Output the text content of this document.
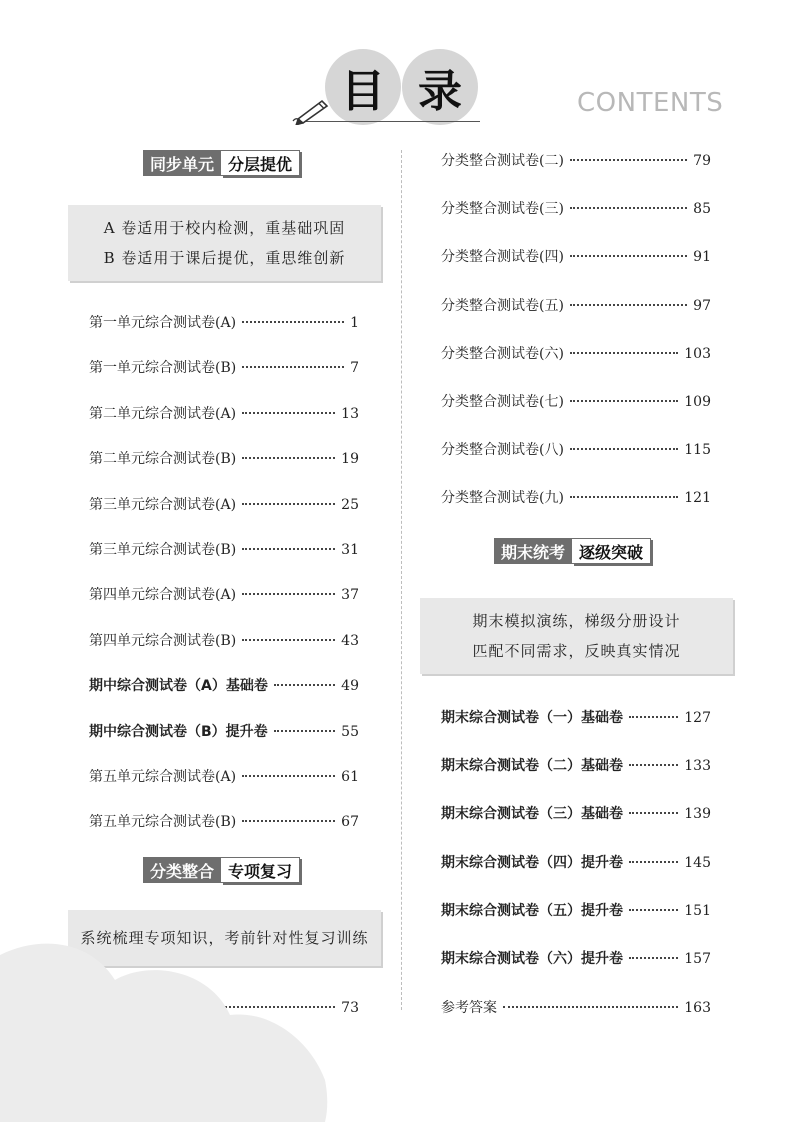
目 录	CONTENTS
同步单元 分层提优
A 卷适用于校内检测，重基础巩固
B 卷适用于课后提优，重思维创新
第一单元综合测试卷(A)	1
第一单元综合测试卷(B)	7
第二单元综合测试卷(A)	13
第二单元综合测试卷(B)	19
第三单元综合测试卷(A)	25
第三单元综合测试卷(B)	31
第四单元综合测试卷(A)	37
第四单元综合测试卷(B)	43
期中综合测试卷（A）基础卷	49
期中综合测试卷（B）提升卷	55
第五单元综合测试卷(A)	61
第五单元综合测试卷(B)	67
73
分类整合 专项复习
系统梳理专项知识，考前针对性复习训练
期末统考 逐级突破
期末模拟演练，梯级分册设计
匹配不同需求，反映真实情况
分类整合测试卷(二)	79
分类整合测试卷(三)	85
分类整合测试卷(四)	91
分类整合测试卷(五)	97
分类整合测试卷(六)	103
分类整合测试卷(七)	109
分类整合测试卷(八)	115
分类整合测试卷(九)	121
期末综合测试卷（一）基础卷	127
期末综合测试卷（二）基础卷	133
期末综合测试卷（三）基础卷	139
期末综合测试卷（四）提升卷	145
期末综合测试卷（五）提升卷	151
期末综合测试卷（六）提升卷	157
参考答案	163
